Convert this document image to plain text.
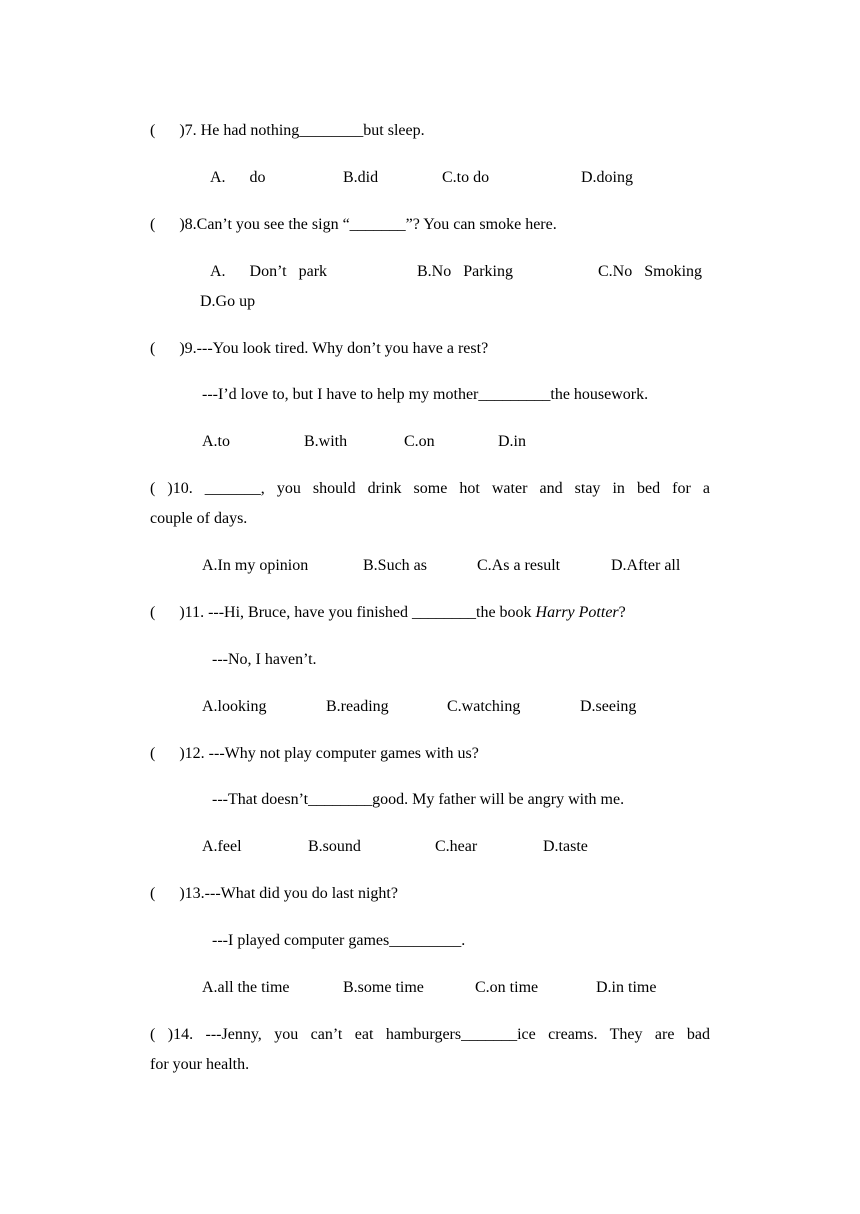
(      )7. He had nothing________but sleep.
A.      do	B.did	C.to do	D.doing
(      )8.Can’t you see the sign “_______”? You can smoke here.
A.      Don’t   park	B.No   Parking	C.No   Smoking
D.Go up
(      )9.---You look tired. Why don’t you have a rest?
---I’d love to, but I have to help my mother_________the housework.
A.to	B.with	C.on	D.in
( )10. _______, you should drink some hot water and stay in bed for a
couple of days.
A.In my opinion	B.Such as	C.As a result	D.After all
(      )11. ---Hi, Bruce, have you finished ________the book Harry Potter?
---No, I haven’t.
A.looking	B.reading	C.watching	D.seeing
(      )12. ---Why not play computer games with us?
---That doesn’t________good. My father will be angry with me.
A.feel	B.sound	C.hear	D.taste
(      )13.---What did you do last night?
---I played computer games_________.
A.all the time	B.some time	C.on time	D.in time
( )14. ---Jenny, you can’t eat hamburgers_______ice creams. They are bad
for your health.
